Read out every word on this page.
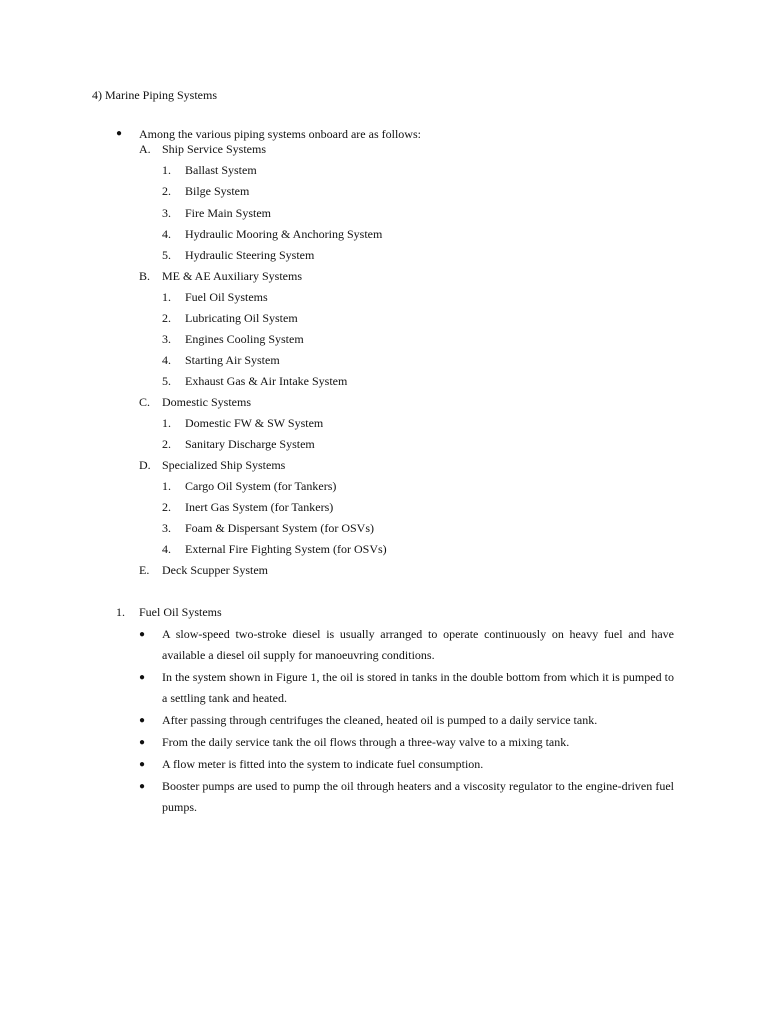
4) Marine Piping Systems
● Among the various piping systems onboard are as follows:
A. Ship Service Systems
1. Ballast System
2. Bilge System
3. Fire Main System
4. Hydraulic Mooring & Anchoring System
5. Hydraulic Steering System
B. ME & AE Auxiliary Systems
1. Fuel Oil Systems
2. Lubricating Oil System
3. Engines Cooling System
4. Starting Air System
5. Exhaust Gas & Air Intake System
C. Domestic Systems
1. Domestic FW & SW System
2. Sanitary Discharge System
D. Specialized Ship Systems
1. Cargo Oil System (for Tankers)
2. Inert Gas System (for Tankers)
3. Foam & Dispersant System (for OSVs)
4. External Fire Fighting System (for OSVs)
E. Deck Scupper System
1. Fuel Oil Systems
● A slow-speed two-stroke diesel is usually arranged to operate continuously on heavy fuel and have available a diesel oil supply for manoeuvring conditions.
● In the system shown in Figure 1, the oil is stored in tanks in the double bottom from which it is pumped to a settling tank and heated.
● After passing through centrifuges the cleaned, heated oil is pumped to a daily service tank.
● From the daily service tank the oil flows through a three-way valve to a mixing tank.
● A flow meter is fitted into the system to indicate fuel consumption.
● Booster pumps are used to pump the oil through heaters and a viscosity regulator to the engine-driven fuel pumps.
